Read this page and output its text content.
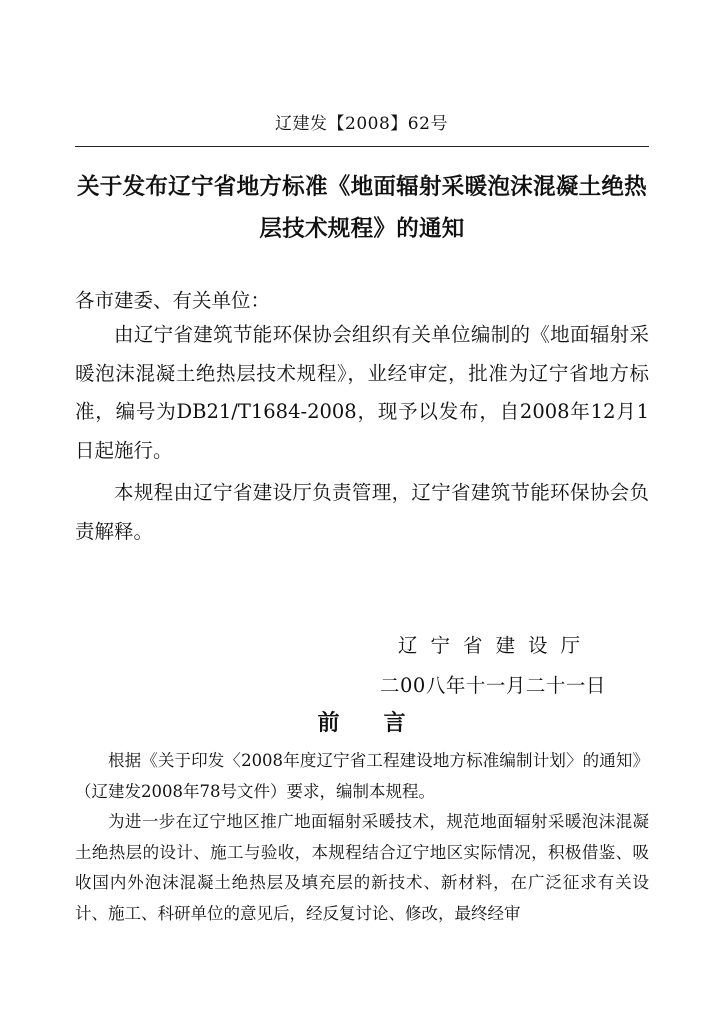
辽建发【2008】62号
关于发布辽宁省地方标准《地面辐射采暖泡沫混凝土绝热层技术规程》的通知
各市建委、有关单位：
由辽宁省建筑节能环保协会组织有关单位编制的《地面辐射采暖泡沫混凝土绝热层技术规程》，业经审定，批准为辽宁省地方标准，编号为DB21/T1684-2008，现予以发布，自2008年12月1日起施行。
本规程由辽宁省建设厅负责管理，辽宁省建筑节能环保协会负责解释。
辽宁省建设厅
二00八年十一月二十一日
前言
根据《关于印发〈2008年度辽宁省工程建设地方标准编制计划〉的通知》（辽建发2008年78号文件）要求，编制本规程。
为进一步在辽宁地区推广地面辐射采暖技术，规范地面辐射采暖泡沫混凝土绝热层的设计、施工与验收，本规程结合辽宁地区实际情况，积极借鉴、吸收国内外泡沫混凝土绝热层及填充层的新技术、新材料，在广泛征求有关设计、施工、科研单位的意见后，经反复讨论、修改，最终经审
